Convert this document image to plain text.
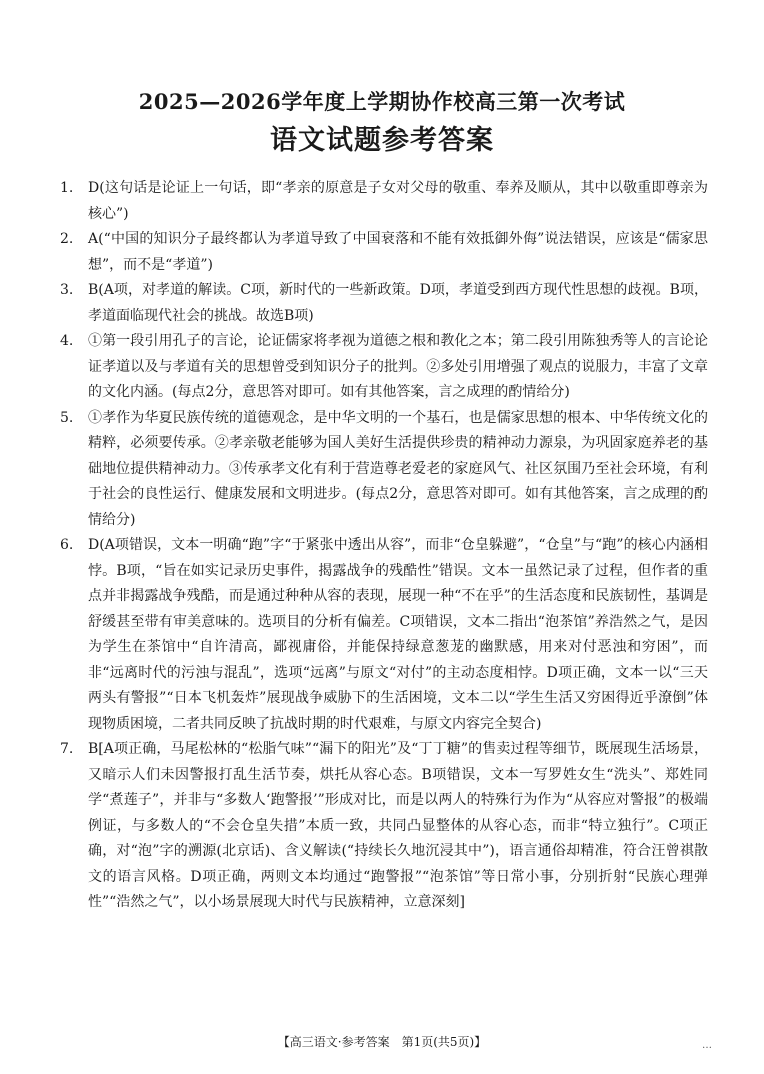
2025—2026学年度上学期协作校高三第一次考试
语文试题参考答案
1.	D(这句话是论证上一句话，即“孝亲的原意是子女对父母的敬重、奉养及顺从，其中以敬重即尊亲为核心”)
2.	A(“中国的知识分子最终都认为孝道导致了中国衰落和不能有效抵御外侮”说法错误，应该是“儒家思想”，而不是“孝道”)
3.	B(A项，对孝道的解读。C项，新时代的一些新政策。D项，孝道受到西方现代性思想的歧视。B项，孝道面临现代社会的挑战。故选B项)
4.	①第一段引用孔子的言论，论证儒家将孝视为道德之根和教化之本；第二段引用陈独秀等人的言论论证孝道以及与孝道有关的思想曾受到知识分子的批判。②多处引用增强了观点的说服力，丰富了文章的文化内涵。(每点2分，意思答对即可。如有其他答案，言之成理的酌情给分)
5.	①孝作为华夏民族传统的道德观念，是中华文明的一个基石，也是儒家思想的根本、中华传统文化的精粹，必须要传承。②孝亲敬老能够为国人美好生活提供珍贵的精神动力源泉，为巩固家庭养老的基础地位提供精神动力。③传承孝文化有利于营造尊老爱老的家庭风气、社区氛围乃至社会环境，有利于社会的良性运行、健康发展和文明进步。(每点2分，意思答对即可。如有其他答案，言之成理的酌情给分)
6.	D(A项错误，文本一明确“跑”字“于紧张中透出从容”，而非“仓皇躲避”，“仓皇”与“跑”的核心内涵相悖。B项，“旨在如实记录历史事件，揭露战争的残酷性”错误。文本一虽然记录了过程，但作者的重点并非揭露战争残酷，而是通过种种从容的表现，展现一种“不在乎”的生活态度和民族韧性，基调是舒缓甚至带有审美意味的。选项目的分析有偏差。C项错误，文本二指出“泡茶馆”养浩然之气，是因为学生在茶馆中“自许清高，鄙视庸俗，并能保持绿意葱茏的幽默感，用来对付恶浊和穷困”，而非“远离时代的污浊与混乱”，选项“远离”与原文“对付”的主动态度相悖。D项正确，文本一以“三天两头有警报”“日本飞机轰炸”展现战争威胁下的生活困境，文本二以“学生生活又穷困得近乎潦倒”体现物质困境，二者共同反映了抗战时期的时代艰难，与原文内容完全契合)
7.	B[A项正确，马尾松林的“松脂气味”“漏下的阳光”及“丁丁糖”的售卖过程等细节，既展现生活场景，又暗示人们未因警报打乱生活节奏，烘托从容心态。B项错误，文本一写罗姓女生“洗头”、郑姓同学“煮莲子”，并非与“多数人‘跑警报’”形成对比，而是以两人的特殊行为作为“从容应对警报”的极端例证，与多数人的“不会仓皇失措”本质一致，共同凸显整体的从容心态，而非“特立独行”。C项正确，对“泡”字的溯源(北京话)、含义解读(“持续长久地沉浸其中”)，语言通俗却精准，符合汪曾祺散文的语言风格。D项正确，两则文本均通过“跑警报”“泡茶馆”等日常小事，分别折射“民族心理弹性”“浩然之气”，以小场景展现大时代与民族精神，立意深刻]
【高三语文·参考答案　第1页(共5页)】	…
